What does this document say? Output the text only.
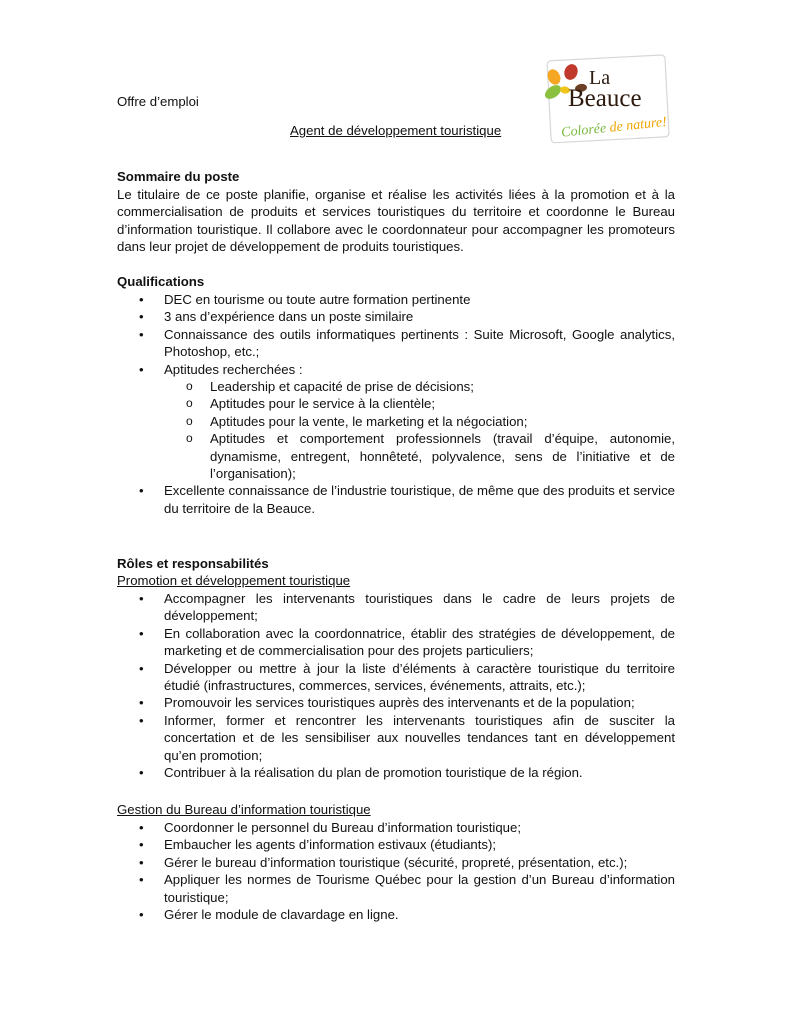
Offre d’emploi
Agent de développement touristique
La
Beauce
Colorée de nature!
Sommaire du poste
Le titulaire de ce poste planifie, organise et réalise les activités liées à la promotion et à la commercialisation de produits et services touristiques du territoire et coordonne le Bureau d’information touristique. Il collabore avec le coordonnateur pour accompagner les promoteurs dans leur projet de développement de produits touristiques.
Qualifications
• DEC en tourisme ou toute autre formation pertinente
• 3 ans d’expérience dans un poste similaire
• Connaissance des outils informatiques pertinents : Suite Microsoft, Google analytics, Photoshop, etc.;
• Aptitudes recherchées :
o Leadership et capacité de prise de décisions;
o Aptitudes pour le service à la clientèle;
o Aptitudes pour la vente, le marketing et la négociation;
o Aptitudes et comportement professionnels (travail d’équipe, autonomie, dynamisme, entregent, honnêteté, polyvalence, sens de l’initiative et de l’organisation);
• Excellente connaissance de l’industrie touristique, de même que des produits et service du territoire de la Beauce.
Rôles et responsabilités
Promotion et développement touristique
• Accompagner les intervenants touristiques dans le cadre de leurs projets de développement;
• En collaboration avec la coordonnatrice, établir des stratégies de développement, de marketing et de commercialisation pour des projets particuliers;
• Développer ou mettre à jour la liste d’éléments à caractère touristique du territoire étudié (infrastructures, commerces, services, événements, attraits, etc.);
• Promouvoir les services touristiques auprès des intervenants et de la population;
• Informer, former et rencontrer les intervenants touristiques afin de susciter la concertation et de les sensibiliser aux nouvelles tendances tant en développement qu’en promotion;
• Contribuer à la réalisation du plan de promotion touristique de la région.
Gestion du Bureau d’information touristique
• Coordonner le personnel du Bureau d’information touristique;
• Embaucher les agents d’information estivaux (étudiants);
• Gérer le bureau d’information touristique (sécurité, propreté, présentation, etc.);
• Appliquer les normes de Tourisme Québec pour la gestion d’un Bureau d’information touristique;
• Gérer le module de clavardage en ligne.
